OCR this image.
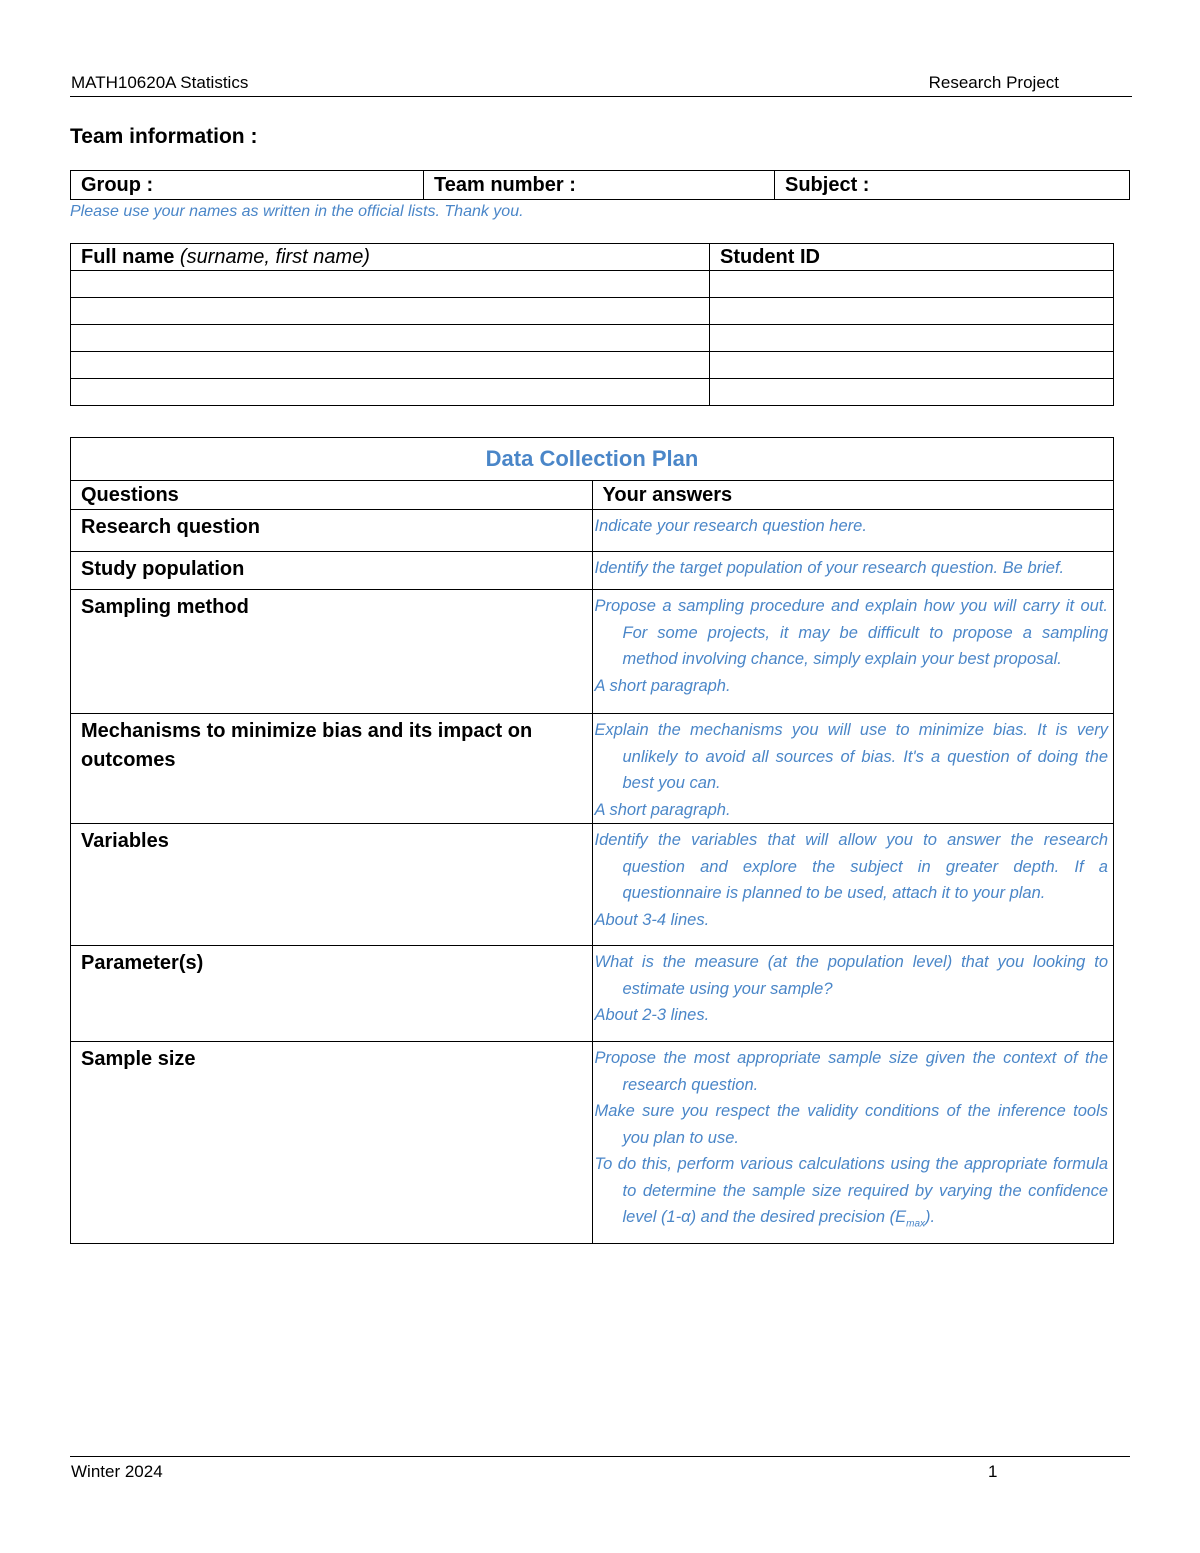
MATH10620A Statistics	Research Project
Team information :
Group :	Team number :	Subject :
Please use your names as written in the official lists. Thank you.
Full name (surname, first name)	Student ID

Data Collection Plan	
Questions	Your answers
Research question	Indicate your research question here.

Study population	Identify the target population of your research question. Be brief.

Sampling method	Propose a sampling procedure and explain how you will carry it out. For some projects, it may be difficult to propose a sampling method involving chance, simply explain your best proposal.

A short paragraph.

Mechanisms to minimize bias and its impact on outcomes	Explain the mechanisms you will use to minimize bias. It is very unlikely to avoid all sources of bias. It's a question of doing the best you can.

A short paragraph.

Variables	Identify the variables that will allow you to answer the research question and explore the subject in greater depth. If a questionnaire is planned to be used, attach it to your plan.

About 3-4 lines.

Parameter(s)	What is the measure (at the population level) that you looking to estimate using your sample?

About 2-3 lines.

Sample size	Propose the most appropriate sample size given the context of the research question.

Make sure you respect the validity conditions of the inference tools you plan to use.

To do this, perform various calculations using the appropriate formula to determine the sample size required by varying the confidence level (1-α) and the desired precision $(E_{max})$.

Winter 2024	1
